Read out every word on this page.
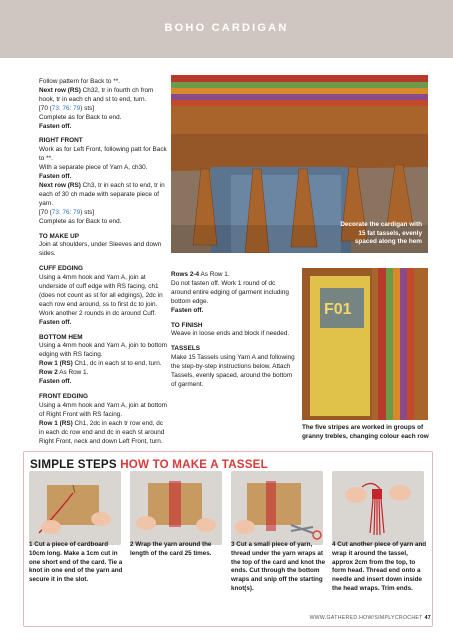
BOHO CARDIGAN

Follow pattern for Back to **.
Next row (RS) Ch32, tr in fourth ch from hook, tr in each ch and st to end, turn.
[70 (73: 76: 79) sts]
Complete as for Back to end.
Fasten off.

RIGHT FRONT
Work as for Left Front, following patt for Back to **.
With a separate piece of Yarn A, ch30.
Fasten off.
Next row (RS) Ch3, tr in each st to end, tr in each of 30 ch made with separate piece of yarn.
[70 (73: 76: 79) sts]
Complete as for Back to end.

TO MAKE UP
Join at shoulders, under Sleeves and down sides.

CUFF EDGING
Using a 4mm hook and Yarn A, join at underside of cuff edge with RS facing, ch1 (does not count as st for all edgings), 2dc in each row end around, ss to first dc to join.
Work another 2 rounds in dc around Cuff.
Fasten off.

BOTTOM HEM
Using a 4mm hook and Yarn A, join to bottom edging with RS facing.
Row 1 (RS) Ch1, dc in each st to end, turn.
Row 2 As Row 1.
Fasten off.

FRONT EDGING
Using a 4mm hook and Yarn A, join at bottom of Right Front with RS facing.
Row 1 (RS) Ch1, 2dc in each tr row end, dc in each dc row end and dc in each st around Right Front, neck and down Left Front, turn.

Rows 2-4 As Row 1.
Do not fasten off. Work 1 round of dc around entire edging of garment including bottom edge.
Fasten off.

TO FINISH
Weave in loose ends and block if needed.

TASSELS
Make 15 Tassels using Yarn A and following the step-by-step instructions below. Attach Tassels, evenly spaced, around the bottom of garment.

Decorate the cardigan with 15 fat tassels, evenly spaced along the hem
F01
The five stripes are worked in groups of granny trebles, changing colour each row
SIMPLE STEPS HOW TO MAKE A TASSEL
1 Cut a piece of cardboard 10cm long. Make a 1cm cut in one short end of the card. Tie a knot in one end of the yarn and secure it in the slot.
2 Wrap the yarn around the length of the card 25 times.
3 Cut a small piece of yarn, thread under the yarn wraps at the top of the card and knot the ends. Cut through the bottom wraps and snip off the starting knot(s).
4 Cut another piece of yarn and wrap it around the tassel, approx 2cm from the top, to form head. Thread end onto a needle and insert down inside the head wraps. Trim ends.
WWW.GATHERED.HOW/SIMPLYCROCHET 47
